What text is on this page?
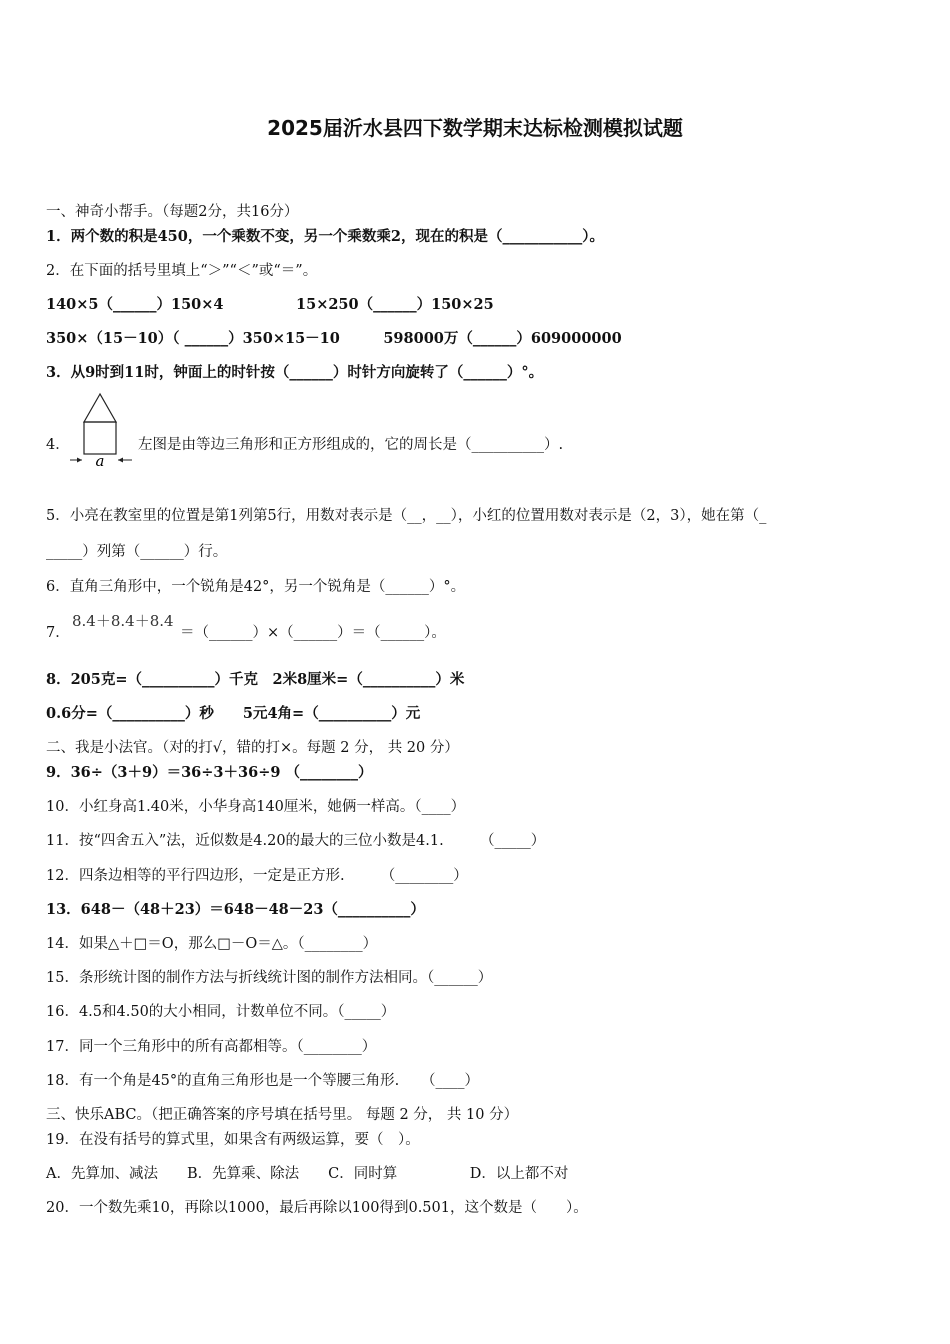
2025届沂水县四下数学期末达标检测模拟试题
一、神奇小帮手。（每题2分，共16分）
1．两个数的积是450，一个乘数不变，另一个乘数乘2，现在的积是（___________）。
2．在下面的括号里填上“＞”“＜”或“＝”。
140×5（______）150×4　　　　　15×250（______）150×25
350×（15－10）（ ______）350×15－10　　　598000万（______）609000000
3．从9时到11时，钟面上的时针按（______）时针方向旋转了（______）°。
4．
a
左图是由等边三角形和正方形组成的，它的周长是（__________）.
5．小亮在教室里的位置是第1列第5行，用数对表示是（__，__），小红的位置用数对表示是（2，3），她在第（_
_____）列第（______）行。
6．直角三角形中，一个锐角是42°，另一个锐角是（______）°。
7．
8.4＋8.4＋8.4
＝（______）×（______）＝（______）。
8．205克=（__________）千克　2米8厘米=（__________）米
0.6分=（__________）秒　　5元4角=（__________）元
二、我是小法官。（对的打√，错的打×。每题 2 分， 共 20 分）
9．36÷（3＋9）＝36÷3＋36÷9 （________）
10．小红身高1.40米，小华身高140厘米，她俩一样高。（____）
11．按“四舍五入”法，近似数是4.20的最大的三位小数是4.1.　　　（_____）
12．四条边相等的平行四边形，一定是正方形.　　　（________）
13．648－（48＋23）＝648－48－23（__________）
14．如果△＋□＝O，那么□－O＝△。（________）
15．条形统计图的制作方法与折线统计图的制作方法相同。（______）
16．4.5和4.50的大小相同，计数单位不同。（_____）
17．同一个三角形中的所有高都相等。（________）
18．有一个角是45°的直角三角形也是一个等腰三角形.　　（____）
三、快乐ABC。（把正确答案的序号填在括号里。 每题 2 分， 共 10 分）
19．在没有括号的算式里，如果含有两级运算，要（　）。
A．先算加、减法　　B．先算乘、除法　　C．同时算　　　　　D．以上都不对
20．一个数先乘10，再除以1000，最后再除以100得到0.501，这个数是（　　）。
